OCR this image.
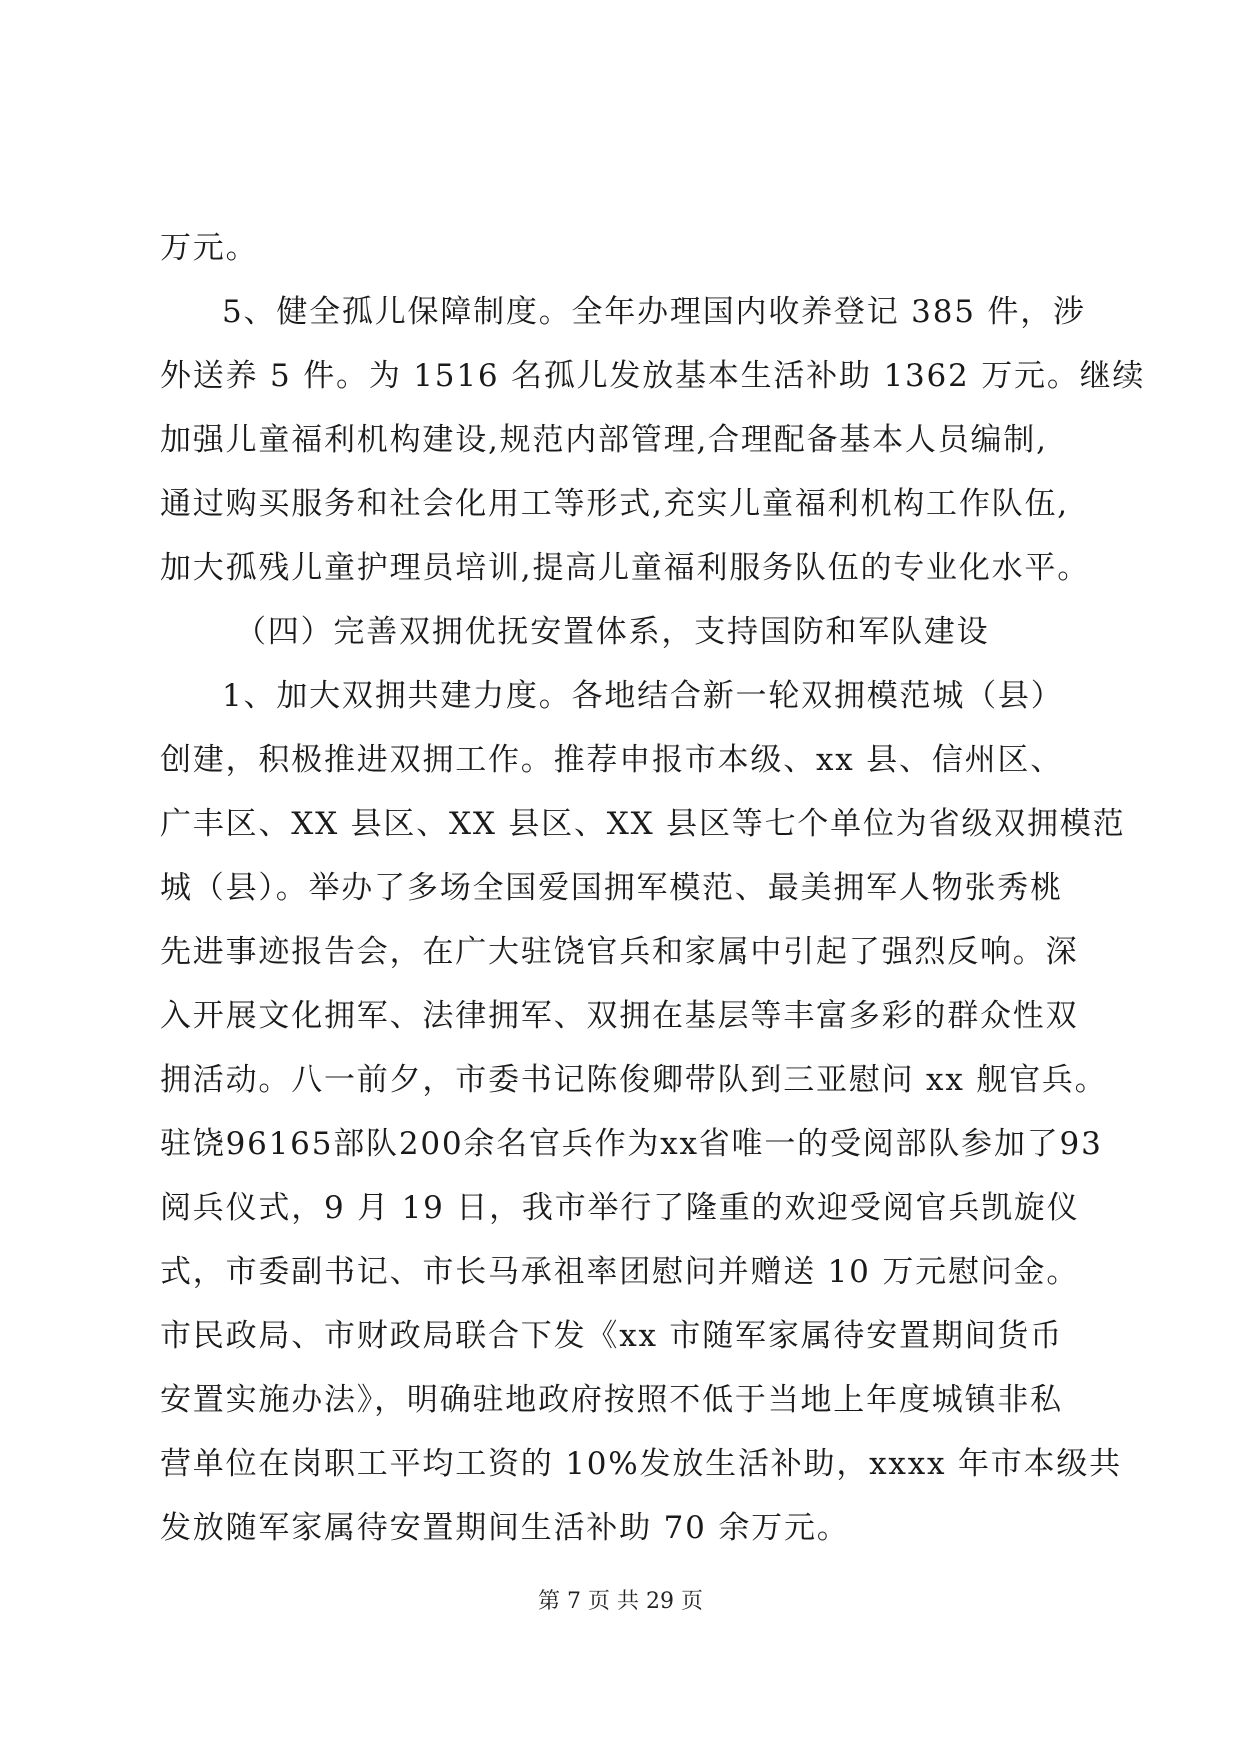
万元。
5、健全孤儿保障制度。全年办理国内收养登记 385 件，涉
外送养 5 件。为 1516 名孤儿发放基本生活补助 1362 万元。继续
加强儿童福利机构建设,规范内部管理,合理配备基本人员编制,
通过购买服务和社会化用工等形式,充实儿童福利机构工作队伍,
加大孤残儿童护理员培训,提高儿童福利服务队伍的专业化水平。
（四）完善双拥优抚安置体系，支持国防和军队建设
1、加大双拥共建力度。各地结合新一轮双拥模范城（县）
创建，积极推进双拥工作。推荐申报市本级、xx 县、信州区、
广丰区、XX 县区、XX 县区、XX 县区等七个单位为省级双拥模范
城（县）。举办了多场全国爱国拥军模范、最美拥军人物张秀桃
先进事迹报告会，在广大驻饶官兵和家属中引起了强烈反响。深
入开展文化拥军、法律拥军、双拥在基层等丰富多彩的群众性双
拥活动。八一前夕，市委书记陈俊卿带队到三亚慰问 xx 舰官兵。
驻饶96165部队200余名官兵作为xx省唯一的受阅部队参加了93
阅兵仪式，9 月 19 日，我市举行了隆重的欢迎受阅官兵凯旋仪
式，市委副书记、市长马承祖率团慰问并赠送 10 万元慰问金。
市民政局、市财政局联合下发《xx 市随军家属待安置期间货币
安置实施办法》，明确驻地政府按照不低于当地上年度城镇非私
营单位在岗职工平均工资的 10%发放生活补助，xxxx 年市本级共
发放随军家属待安置期间生活补助 70 余万元。
第 7 页 共 29 页
